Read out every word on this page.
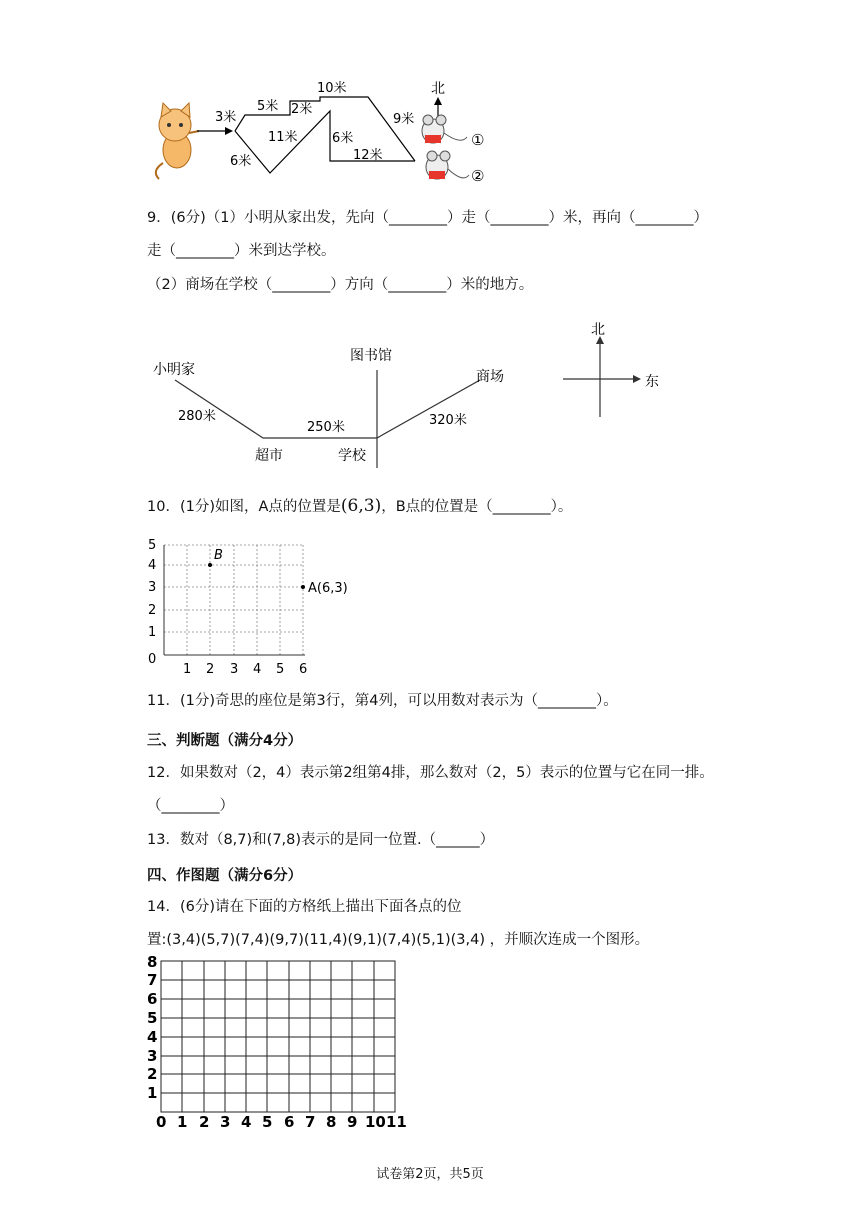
3米
5米 2米
10米
9米
11米
6米
6米
12米
北
①
②
9．(6分)（1）小明从家出发，先向（________）走（________）米，再向（________）
走（________）米到达学校。
（2）商场在学校（________）方向（________）米的地方。
小明家
280米
250米	320米
超市	学校
图书馆
商场
北
东
10．(1分)如图，A点的位置是(6,3)，B点的位置是（________）。
0
1
2
3
4
5
1 2 3 4 5 6
B
A(6,3)
11．(1分)奇思的座位是第3行，第4列，可以用数对表示为（________）。
三、判断题（满分4分）
12．如果数对（2，4）表示第2组第4排，那么数对（2，5）表示的位置与它在同一排。
（________）
13．数对（8,7)和(7,8)表示的是同一位置.（______）
四、作图题（满分6分）
14．(6分)请在下面的方格纸上描出下面各点的位
置:(3,4)(5,7)(7,4)(9,7)(11,4)(9,1)(7,4)(5,1)(3,4) ，并顺次连成一个图形。
8
7
6
5
4
3
2
1
0 1 2 3 4 5 6 7 8 9 10 11
试卷第2页，共5页
